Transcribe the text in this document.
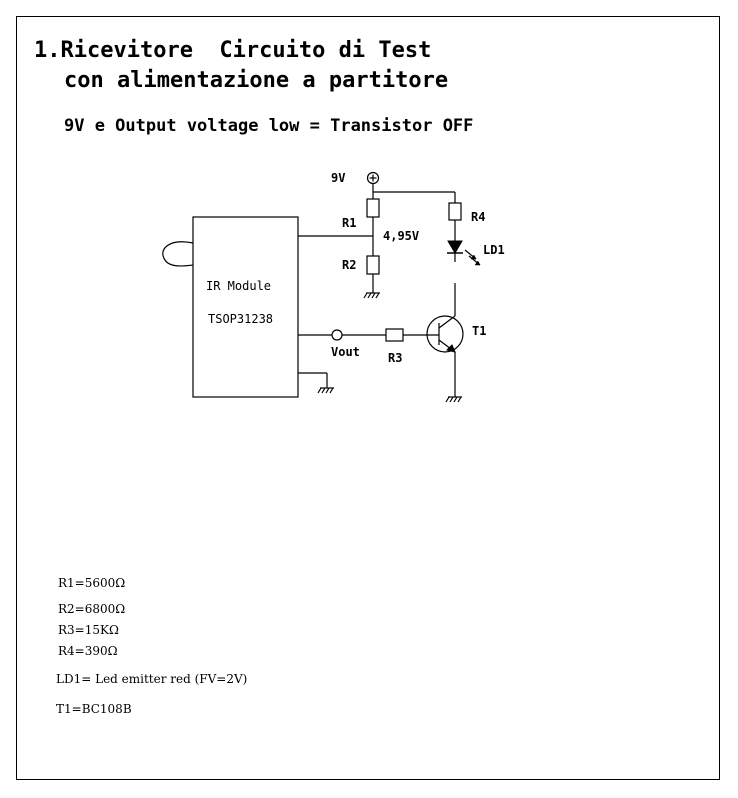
1.Ricevitore  Circuito di Test
con alimentazione a partitore
9V e Output voltage low = Transistor OFF
9V
R1
4,95V
R2
R4
LD1
IR Module
TSOP31238
Vout R3
T1
R1=5600Ω
R2=6800Ω
R3=15KΩ
R4=390Ω
LD1= Led emitter red (FV=2V)
T1=BC108B
